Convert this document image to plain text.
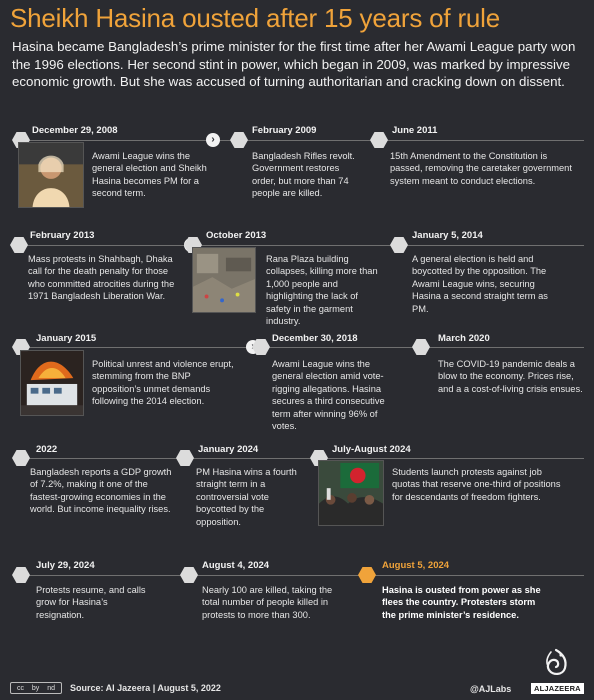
Sheikh Hasina ousted after 15 years of rule
Hasina became Bangladesh’s prime minister for the first time after her Awami League party won the 1996 elections. Her second stint in power, which began in 2009, was marked by impressive economic growth. But she was accused of turning authoritarian and cracking down on dissent.
›
December 29, 2008
Awami League wins the general election and Sheikh Hasina becomes PM for a second term.
February 2009
Bangladesh Rifles revolt. Government restores order, but more than 74 people are killed.
June 2011
15th Amendment to the Constitution is passed, removing the caretaker government system meant to conduct elections.
February 2013
Mass protests in Shahbagh, Dhaka call for the death penalty for those who committed atrocities during the 1971 Bangladesh Liberation War.
October 2013
Rana Plaza building collapses, killing more than 1,000 people and highlighting the lack of safety in the garment industry.
January 5, 2014
A general election is held and boycotted by the opposition. The Awami League wins, securing Hasina a second straight term as PM.
January 2015
Political unrest and violence erupt, stemming from the BNP opposition’s unmet demands following the 2014 election.
December 30, 2018
Awami League wins the general election amid vote-rigging allegations. Hasina secures a third consecutive term after winning 96% of votes.
March 2020
The COVID-19 pandemic deals a blow to the economy. Prices rise, and a a cost-of-living crisis ensues.
2022
Bangladesh reports a GDP growth of 7.2%, making it one of the fastest-growing economies in the world. But income inequality rises.
January 2024
PM Hasina wins a fourth straight term in a controversial vote boycotted by the opposition.
July-August 2024
Students launch protests against job quotas that reserve one-third of positions for descendants of freedom fighters.
July 29, 2024
Protests resume, and calls grow for Hasina’s resignation.
August 4, 2024
Nearly 100 are killed, taking the total number of people killed in protests to more than 300.
August 5, 2024
Hasina is ousted from power as she flees the country. Protesters storm the prime minister’s residence.
cc by nd Source: Al Jazeera | August 5, 2022	@AJLabs	ALJAZEERA
